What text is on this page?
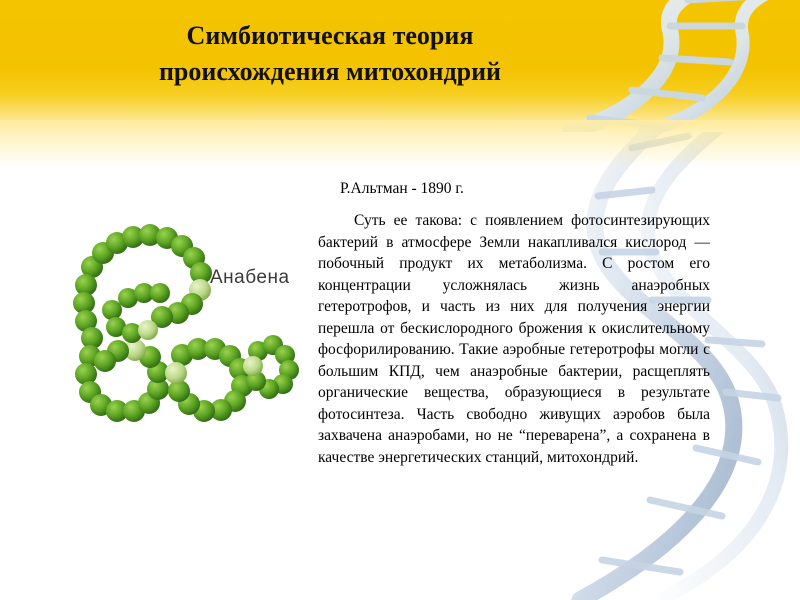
Симбиотическая теория
происхождения митохондрий
Анабена

Р.Альтман - 1890 г.

Суть ее такова: с появлением фотосинтезирующих бактерий в атмосфере Земли накапливался кислород — побочный продукт их метаболизма. С ростом его концентрации усложнялась жизнь анаэробных гетеротрофов, и часть из них для получения энергии перешла от бескислородного брожения к окислительному фосфорилированию. Такие аэробные гетеротрофы могли с большим КПД, чем анаэробные бактерии, расщеплять органические вещества, образующиеся в результате фотосинтеза. Часть свободно живущих аэробов была захвачена анаэробами, но не “переварена”, а сохранена в качестве энергетических станций, митохондрий.
